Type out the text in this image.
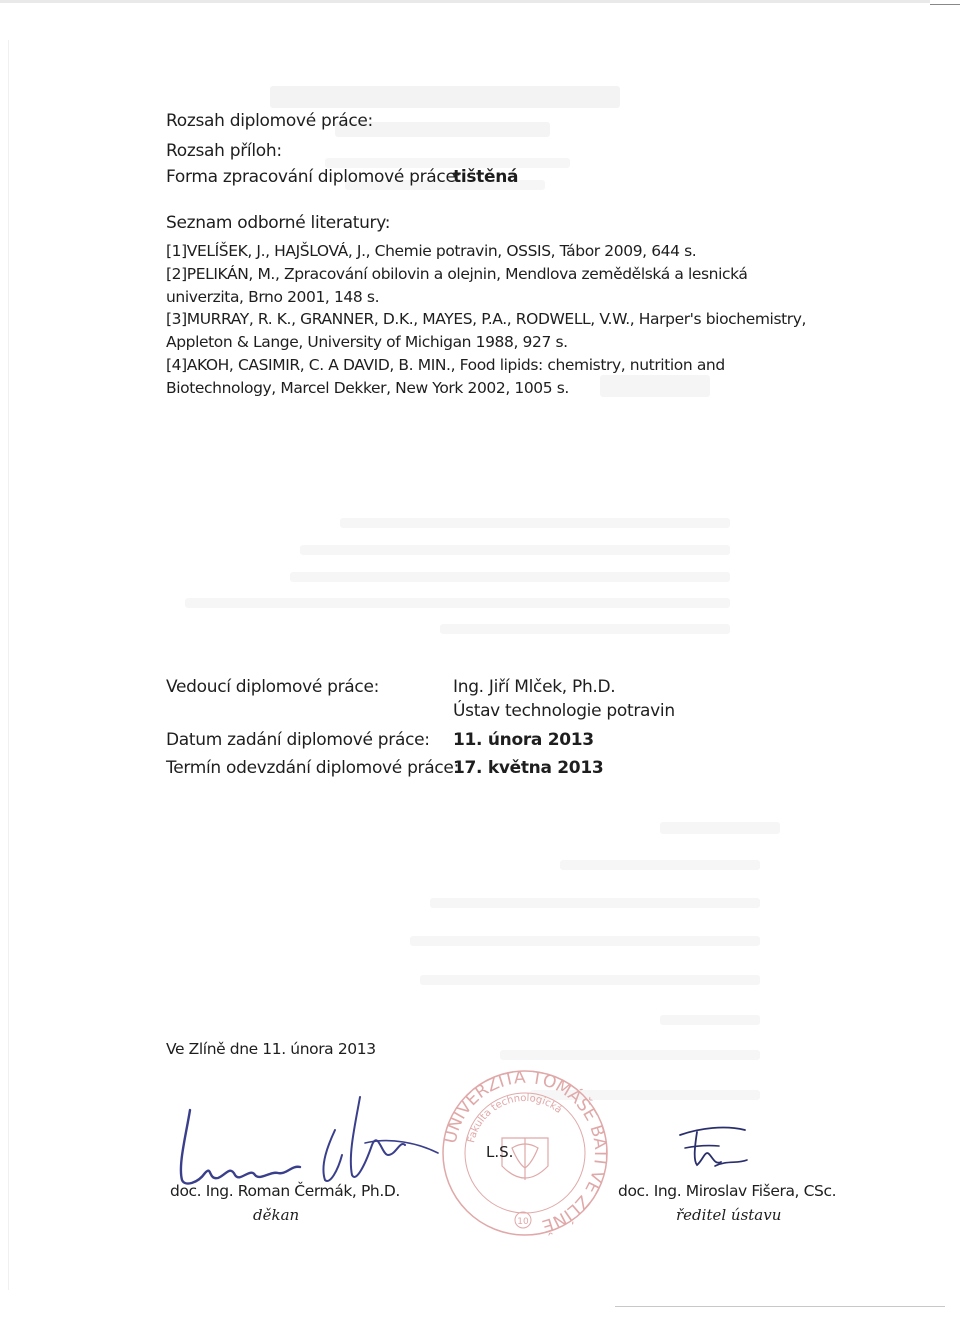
Rozsah diplomové práce:
Rozsah příloh:
Forma zpracování diplomové práce:
tištěná
Seznam odborné literatury:
[1]VELÍŠEK, J., HAJŠLOVÁ, J., Chemie potravin, OSSIS, Tábor 2009, 644 s.
[2]PELIKÁN, M., Zpracování obilovin a olejnin, Mendlova zemědělská a lesnická
univerzita, Brno 2001, 148 s.
[3]MURRAY, R. K., GRANNER, D.K., MAYES, P.A., RODWELL, V.W., Harper's biochemistry,
Appleton & Lange, University of Michigan 1988, 927 s.
[4]AKOH, CASIMIR, C. A DAVID, B. MIN., Food lipids: chemistry, nutrition and
Biotechnology, Marcel Dekker, New York 2002, 1005 s.
Vedoucí diplomové práce:	Ing. Jiří Mlček, Ph.D.
Ústav technologie potravin
Datum zadání diplomové práce: 11. února 2013
Termín odevzdání diplomové práce:
17. května 2013
Ve Zlíně dne 11. února 2013
UNIVERZITA TOMÁŠE BATI VE ZLÍNĚ
Fakulta technologická
10
L.S.
doc. Ing. Roman Čermák, Ph.D.
děkan
doc. Ing. Miroslav Fišera, CSc.
ředitel ústavu
